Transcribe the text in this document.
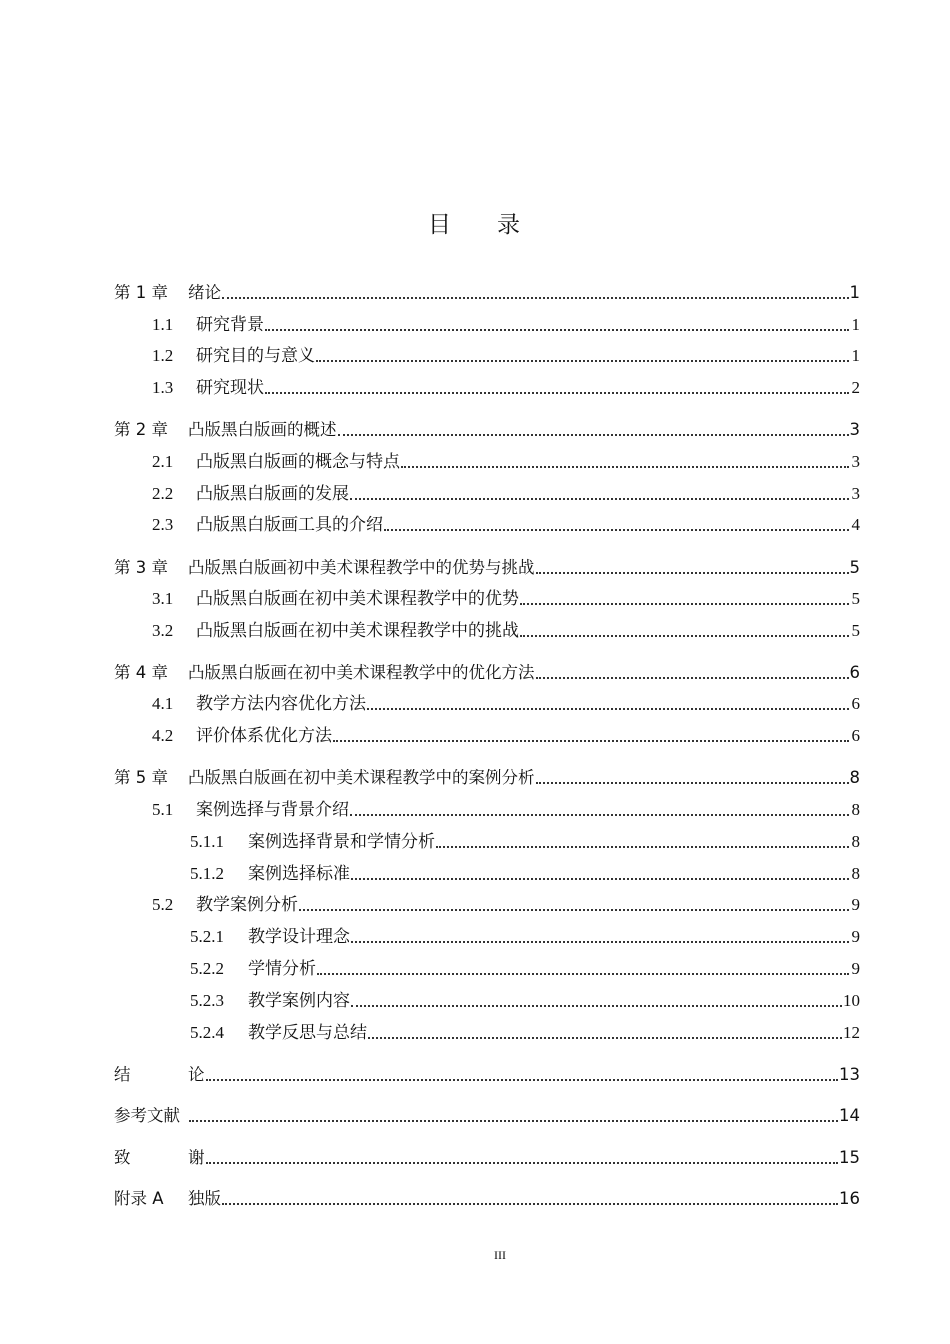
目 录
第 1 章	绪论	1
1.1	研究背景	1
1.2	研究目的与意义	1
1.3	研究现状	2
第 2 章	凸版黑白版画的概述	3
2.1	凸版黑白版画的概念与特点	3
2.2	凸版黑白版画的发展	3
2.3	凸版黑白版画工具的介绍	4
第 3 章	凸版黑白版画初中美术课程教学中的优势与挑战	5
3.1	凸版黑白版画在初中美术课程教学中的优势	5
3.2	凸版黑白版画在初中美术课程教学中的挑战	5
第 4 章	凸版黑白版画在初中美术课程教学中的优化方法	6
4.1	教学方法内容优化方法	6
4.2	评价体系优化方法	6
第 5 章	凸版黑白版画在初中美术课程教学中的案例分析	8
5.1	案例选择与背景介绍	8
5.1.1	案例选择背景和学情分析	8
5.1.2	案例选择标准	8
5.2	教学案例分析	9
5.2.1	教学设计理念	9
5.2.2	学情分析	9
5.2.3	教学案例内容	10
5.2.4	教学反思与总结	12
结	论	13
参考文献	14
致	谢	15
附录 A	独版	16
III
